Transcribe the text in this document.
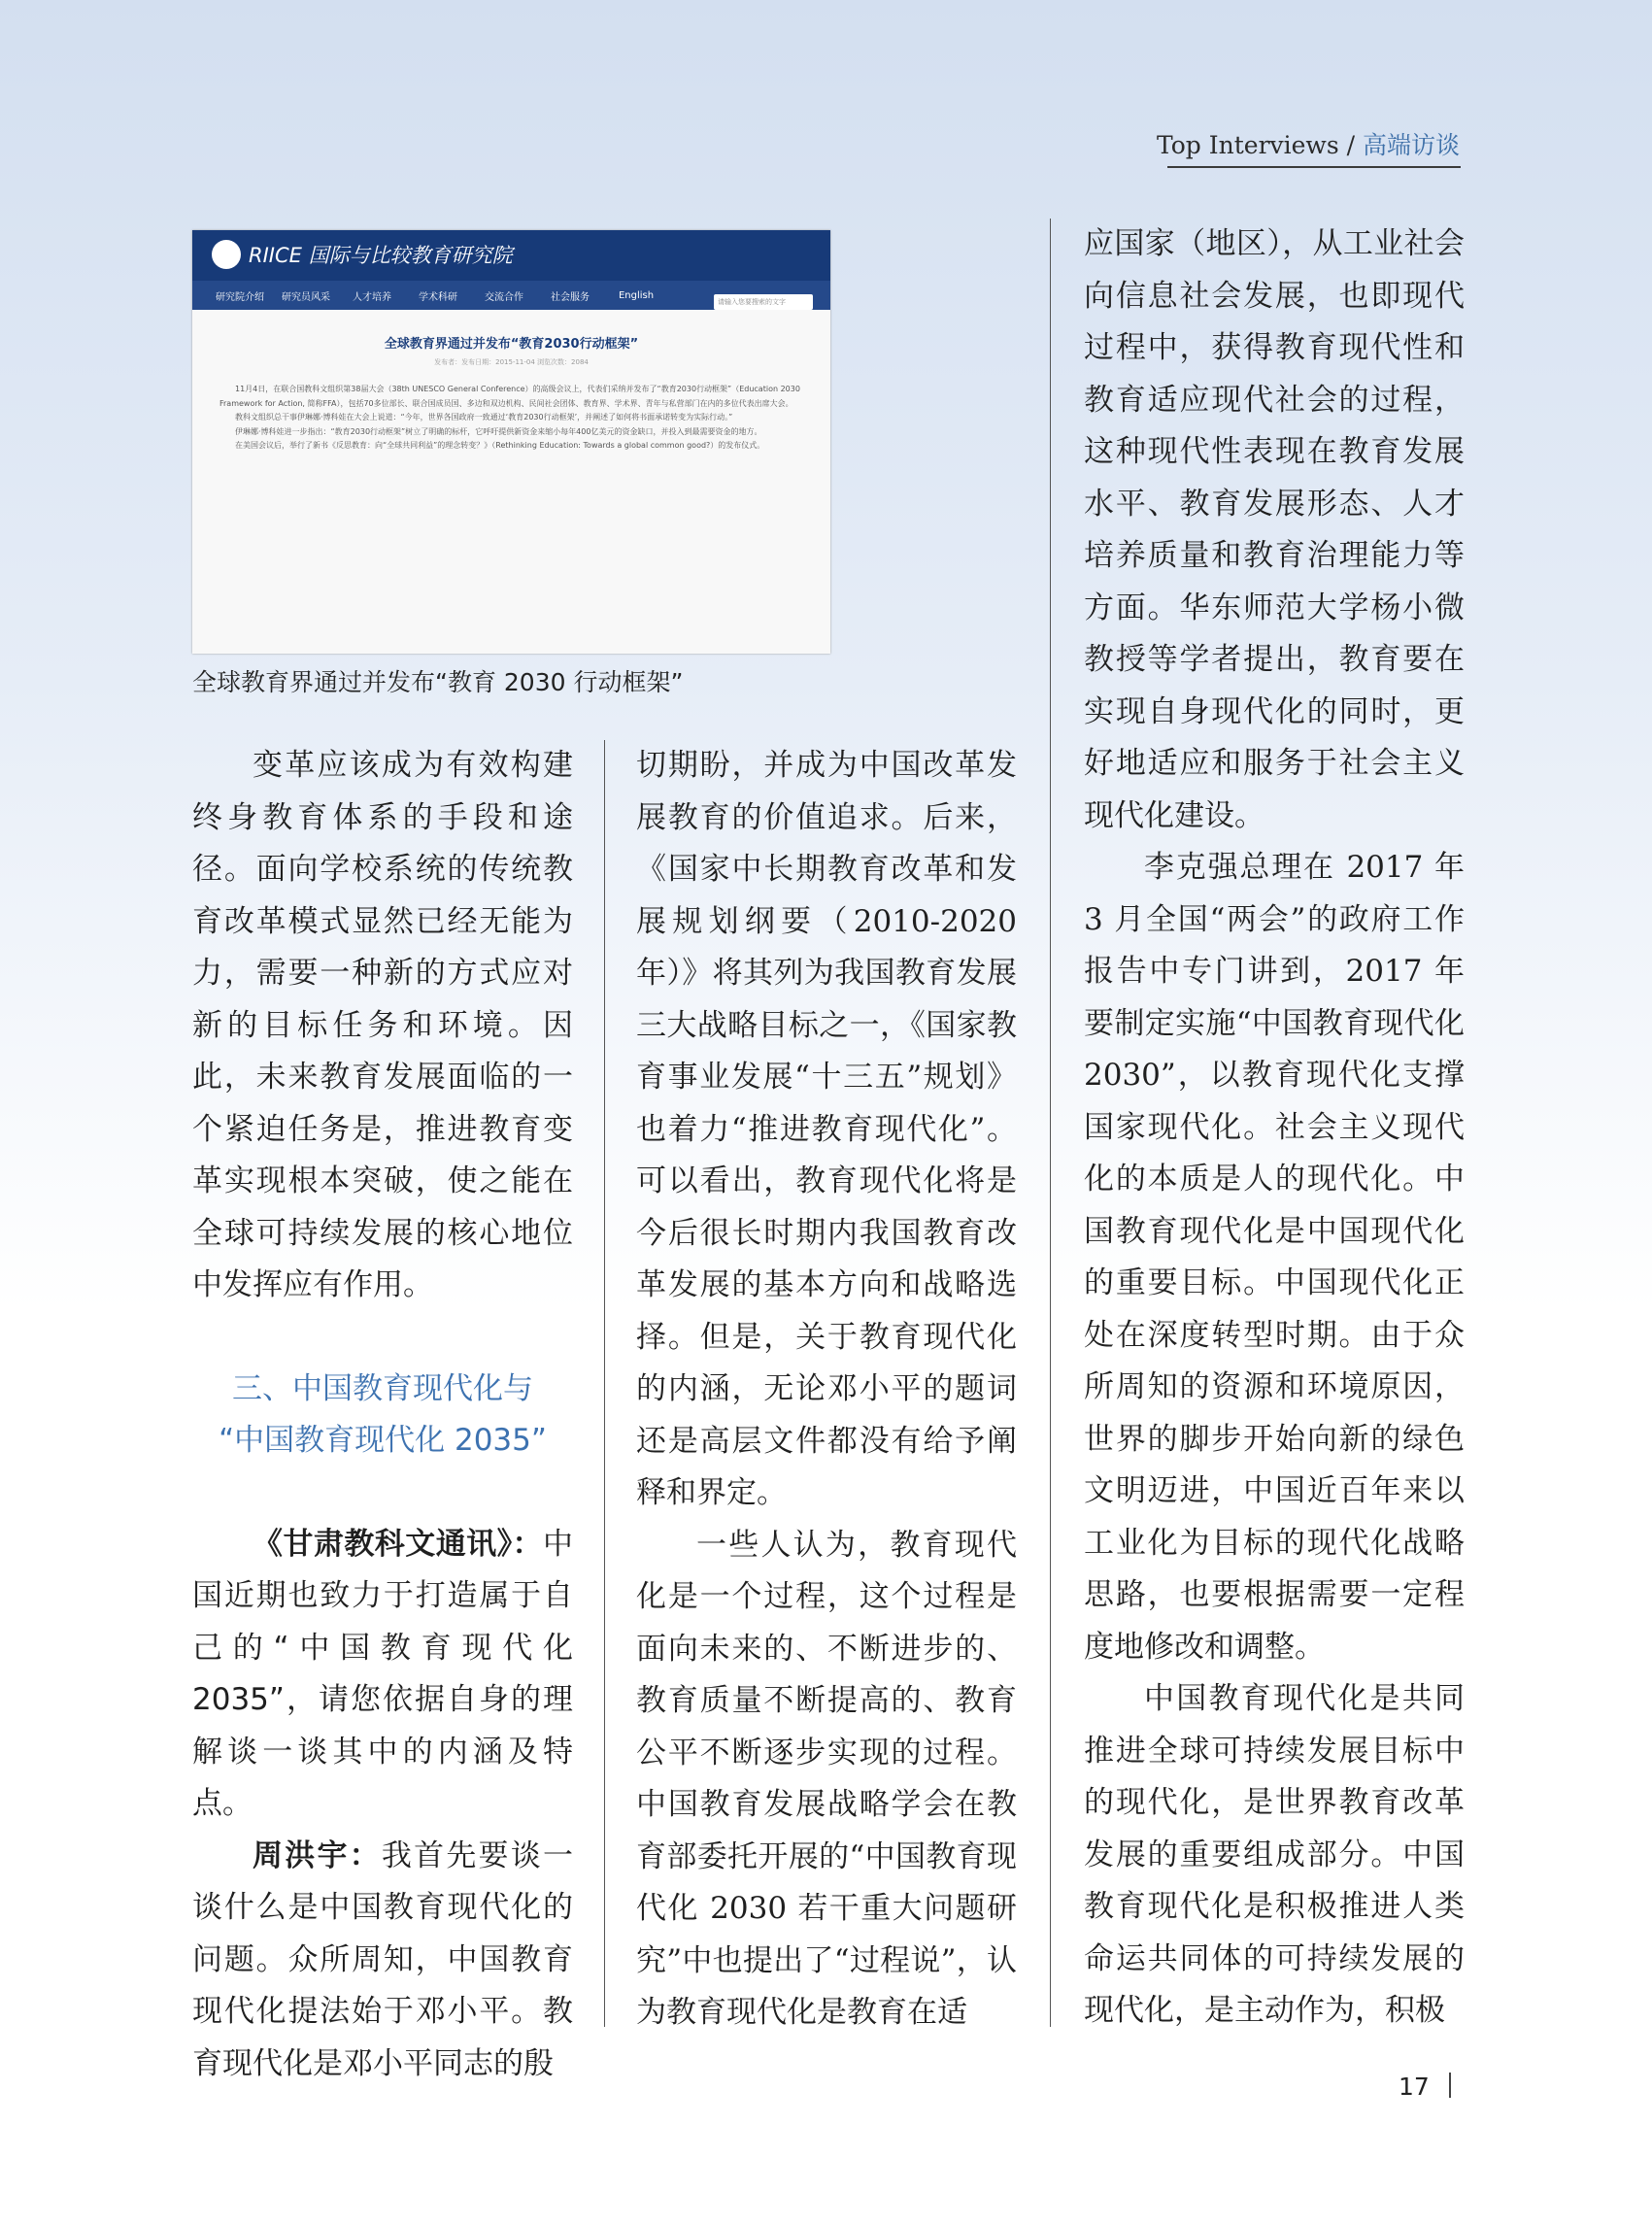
Top Interviews / 高端访谈
RIICE 国际与比较教育研究院
研究院介绍	研究员风采	人才培养	学术科研	交流合作	社会服务	English
请输入您要搜索的文字
全球教育界通过并发布“教育2030行动框架”
发布者：发布日期：2015-11-04 浏览次数：2084

11月4日，在联合国教科文组织第38届大会（38th UNESCO General Conference）的高级会议上，代表们采纳并发布了“教育2030行动框架”（Education 2030 Framework for Action, 简称FFA），包括70多位部长、联合国成员国、多边和双边机构、民间社会团体、教育界、学术界、青年与私营部门在内的多位代表出席大会。

教科文组织总干事伊琳娜·博科娃在大会上说道：“今年，世界各国政府一致通过‘教育2030行动框架’，并阐述了如何将书面承诺转变为实际行动。”

伊琳娜·博科娃进一步指出：“教育2030行动框架”树立了明确的标杆，它呼吁提供新资金来缩小每年400亿美元的资金缺口，并投入到最需要资金的地方。

在美国会议后，举行了新书《反思教育：向“全球共同利益”的理念转变？》（Rethinking Education: Towards a global common good?）的发布仪式。

全球教育界通过并发布“教育 2030 行动框架”

变革应该成为有效构建终身教育体系的手段和途径。面向学校系统的传统教育改革模式显然已经无能为力，需要一种新的方式应对新的目标任务和环境。因此，未来教育发展面临的一个紧迫任务是，推进教育变革实现根本突破，使之能在全球可持续发展的核心地位中发挥应有作用。

三、中国教育现代化与
“中国教育现代化 2035”

《甘肃教科文通讯》：中国近期也致力于打造属于自己的“中国教育现代化 2035”，请您依据自身的理解谈一谈其中的内涵及特点。

周洪宇：我首先要谈一谈什么是中国教育现代化的问题。众所周知，中国教育现代化提法始于邓小平。教育现代化是邓小平同志的殷

切期盼，并成为中国改革发展教育的价值追求。后来，《国家中长期教育改革和发展规划纲要（2010-2020 年）》将其列为我国教育发展三大战略目标之一，《国家教育事业发展“十三五”规划》也着力“推进教育现代化”。可以看出，教育现代化将是今后很长时期内我国教育改革发展的基本方向和战略选择。但是，关于教育现代化的内涵，无论邓小平的题词还是高层文件都没有给予阐释和界定。

一些人认为，教育现代化是一个过程，这个过程是面向未来的、不断进步的、教育质量不断提高的、教育公平不断逐步实现的过程。中国教育发展战略学会在教育部委托开展的“中国教育现代化 2030 若干重大问题研究”中也提出了“过程说”，认为教育现代化是教育在适

应国家（地区），从工业社会向信息社会发展，也即现代过程中，获得教育现代性和教育适应现代社会的过程，这种现代性表现在教育发展水平、教育发展形态、人才培养质量和教育治理能力等方面。华东师范大学杨小微教授等学者提出，教育要在实现自身现代化的同时，更好地适应和服务于社会主义现代化建设。

李克强总理在 2017 年 3 月全国“两会”的政府工作报告中专门讲到，2017 年要制定实施“中国教育现代化 2030”，以教育现代化支撑国家现代化。社会主义现代化的本质是人的现代化。中国教育现代化是中国现代化的重要目标。中国现代化正处在深度转型时期。由于众所周知的资源和环境原因，世界的脚步开始向新的绿色文明迈进，中国近百年来以工业化为目标的现代化战略思路，也要根据需要一定程度地修改和调整。

中国教育现代化是共同推进全球可持续发展目标中的现代化，是世界教育改革发展的重要组成部分。中国教育现代化是积极推进人类命运共同体的可持续发展的现代化，是主动作为，积极

17
